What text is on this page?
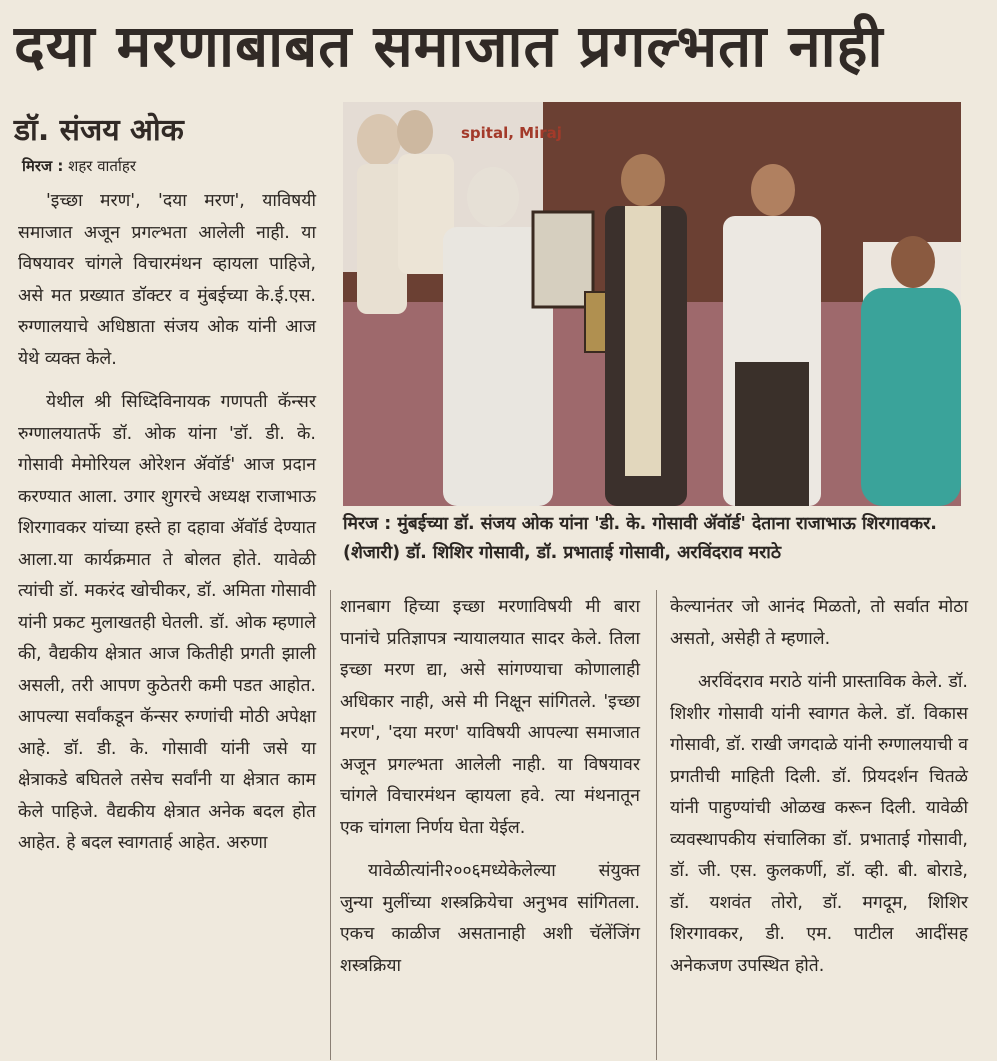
दया मरणाबाबत समाजात प्रगल्भता नाही
डॉ. संजय ओक
मिरज : शहर वार्ताहर

'इच्छा मरण', 'दया मरण', याविषयी समाजात अजून प्रगल्भता आलेली नाही. या विषयावर चांगले विचारमंथन व्हायला पाहिजे, असे मत प्रख्यात डॉक्टर व मुंबईच्या के.ई.एस. रुग्णालयाचे अधिष्ठाता संजय ओक यांनी आज येथे व्यक्त केले.

येथील श्री सिध्दिविनायक गणपती कॅन्सर रुग्णालयातर्फे डॉ. ओक यांना 'डॉ. डी. के. गोसावी मेमोरियल ओरेशन ॲवॉर्ड' आज प्रदान करण्यात आला. उगार शुगरचे अध्यक्ष राजाभाऊ शिरगावकर यांच्या हस्ते हा दहावा ॲवॉर्ड देण्यात आला.या कार्यक्रमात ते बोलत होते. यावेळी त्यांची डॉ. मकरंद खोचीकर, डॉ. अमिता गोसावी यांनी प्रकट मुलाखतही घेतली. डॉ. ओक म्हणाले की, वैद्यकीय क्षेत्रात आज कितीही प्रगती झाली असली, तरी आपण कुठेतरी कमी पडत आहोत. आपल्या सर्वांकडून कॅन्सर रुग्णांची मोठी अपेक्षा आहे. डॉ. डी. के. गोसावी यांनी जसे या क्षेत्राकडे बघितले तसेच सर्वांनी या क्षेत्रात काम केले पाहिजे. वैद्यकीय क्षेत्रात अनेक बदल होत आहेत. हे बदल स्वागतार्ह आहेत. अरुणा

spital, Miraj
मिरज : मुंबईच्या डॉ. संजय ओक यांना 'डी. के. गोसावी ॲवॉर्ड' देताना राजाभाऊ शिरगावकर. (शेजारी) डॉ. शिशिर गोसावी, डॉ. प्रभाताई गोसावी, अरविंदराव मराठे

शानबाग हिच्या इच्छा मरणाविषयी मी बारा पानांचे प्रतिज्ञापत्र न्यायालयात सादर केले. तिला इच्छा मरण द्या, असे सांगण्याचा कोणालाही अधिकार नाही, असे मी निक्षून सांगितले. 'इच्छा मरण', 'दया मरण' याविषयी आपल्या समाजात अजून प्रगल्भता आलेली नाही. या विषयावर चांगले विचारमंथन व्हायला हवे. त्या मंथनातून एक चांगला निर्णय घेता येईल.

यावेळीत्यांनी२००६मध्येकेलेल्या संयुक्त जुन्या मुलींच्या शस्त्रक्रियेचा अनुभव सांगितला. एकच काळीज असतानाही अशी चॅलेंजिंग शस्त्रक्रिया

केल्यानंतर जो आनंद मिळतो, तो सर्वात मोठा असतो, असेही ते म्हणाले.

अरविंदराव मराठे यांनी प्रास्ताविक केले. डॉ. शिशीर गोसावी यांनी स्वागत केले. डॉ. विकास गोसावी, डॉ. राखी जगदाळे यांनी रुग्णालयाची व प्रगतीची माहिती दिली. डॉ. प्रियदर्शन चितळे यांनी पाहुण्यांची ओळख करून दिली. यावेळी व्यवस्थापकीय संचालिका डॉ. प्रभाताई गोसावी, डॉ. जी. एस. कुलकर्णी, डॉ. व्ही. बी. बोराडे, डॉ. यशवंत तोरो, डॉ. मगदूम, शिशिर शिरगावकर, डी. एम. पाटील आदींसह अनेकजण उपस्थित होते.
